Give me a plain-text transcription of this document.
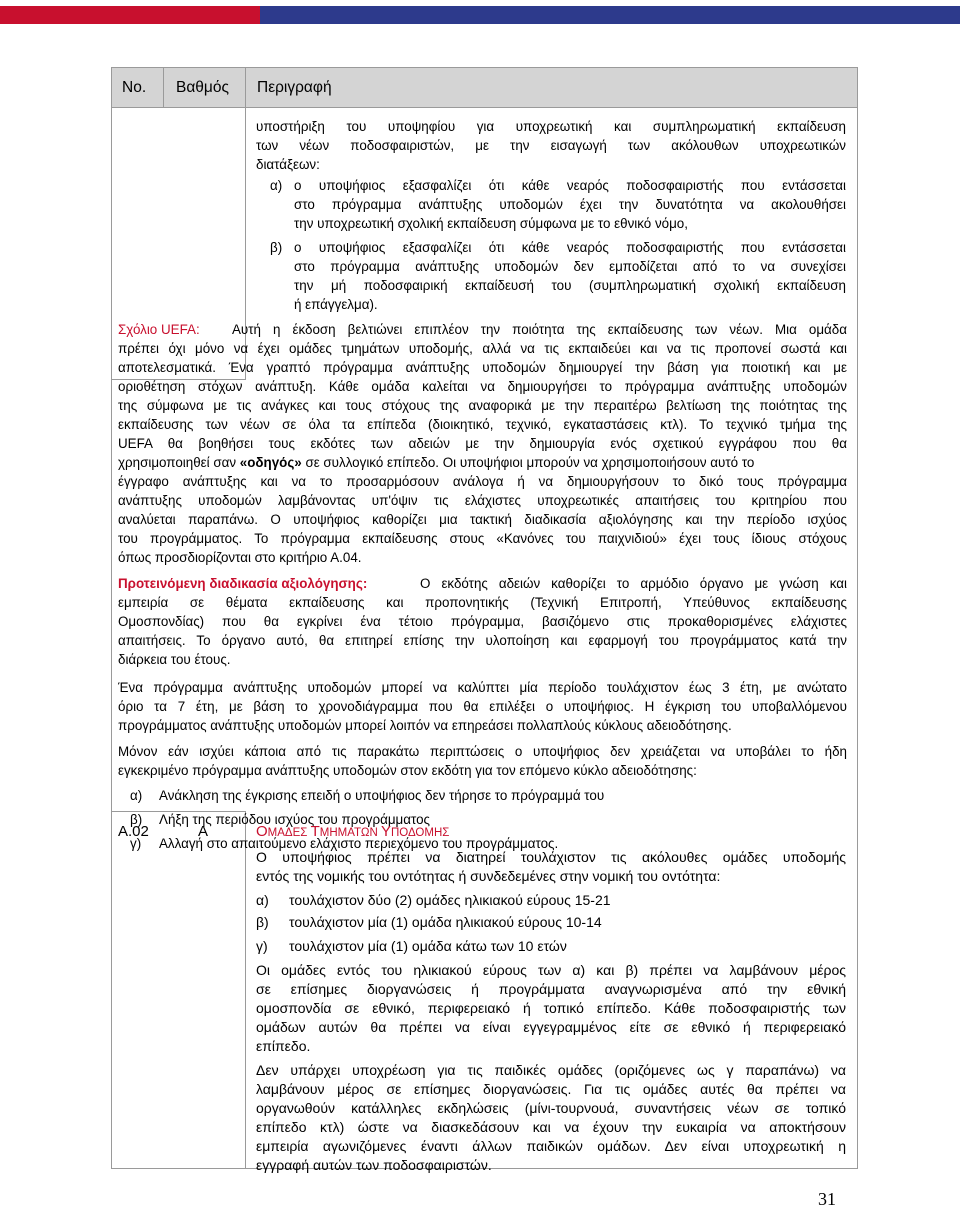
No. Βαθμός Περιγραφή
υποστήριξη του υποψηφίου για υποχρεωτική και συμπληρωματική εκπαίδευση
των νέων ποδοσφαιριστών, με την εισαγωγή των ακόλουθων υποχρεωτικών
διατάξεων:
α) ο υποψήφιος εξασφαλίζει ότι κάθε νεαρός ποδοσφαιριστής που εντάσσεται
στο πρόγραμμα ανάπτυξης υποδομών έχει την δυνατότητα να ακολουθήσει
την υποχρεωτική σχολική εκπαίδευση σύμφωνα με το εθνικό νόμο,
β) ο υποψήφιος εξασφαλίζει ότι κάθε νεαρός ποδοσφαιριστής που εντάσσεται
στο πρόγραμμα ανάπτυξης υποδομών δεν εμποδίζεται από το να συνεχίσει
την μή ποδοσφαιρική εκπαίδευσή του (συμπληρωματική σχολική εκπαίδευση
ή επάγγελμα).
Σχόλιο UEFA: Αυτή η έκδοση βελτιώνει επιπλέον την ποιότητα της εκπαίδευσης των νέων. Μια ομάδα
πρέπει όχι μόνο να έχει ομάδες τμημάτων υποδομής, αλλά να τις εκπαιδεύει και να τις προπονεί σωστά και
αποτελεσματικά. Ένα γραπτό πρόγραμμα ανάπτυξης υποδομών δημιουργεί την βάση για ποιοτική και με
οριοθέτηση στόχων ανάπτυξη. Κάθε ομάδα καλείται να δημιουργήσει το πρόγραμμα ανάπτυξης υποδομών
της σύμφωνα με τις ανάγκες και τους στόχους της αναφορικά με την περαιτέρω βελτίωση της ποιότητας της
εκπαίδευσης των νέων σε όλα τα επίπεδα (διοικητικό, τεχνικό, εγκαταστάσεις κτλ). Το τεχνικό τμήμα της
UEFA θα βοηθήσει τους εκδότες των αδειών με την δημιουργία ενός σχετικού εγγράφου που θα
χρησιμοποιηθεί σαν «οδηγός» σε συλλογικό επίπεδο. Οι υποψήφιοι μπορούν να χρησιμοποιήσουν αυτό το
έγγραφο ανάπτυξης και να το προσαρμόσουν ανάλογα ή να δημιουργήσουν το δικό τους πρόγραμμα
ανάπτυξης υποδομών λαμβάνοντας υπ'όψιν τις ελάχιστες υποχρεωτικές απαιτήσεις του κριτηρίου που
αναλύεται παραπάνω. Ο υποψήφιος καθορίζει μια τακτική διαδικασία αξιολόγησης και την περίοδο ισχύος
του προγράμματος. Το πρόγραμμα εκπαίδευσης στους «Κανόνες του παιχνιδιού» έχει τους ίδιους στόχους
όπως προσδιορίζονται στο κριτήριο Α.04.
Προτεινόμενη διαδικασία αξιολόγησης:	Ο εκδότης αδειών καθορίζει το αρμόδιο όργανο με γνώση και
εμπειρία σε θέματα εκπαίδευσης και προπονητικής (Τεχνική Επιτροπή, Υπεύθυνος εκπαίδευσης
Ομοσπονδίας) που θα εγκρίνει ένα τέτοιο πρόγραμμα, βασιζόμενο στις προκαθορισμένες ελάχιστες
απαιτήσεις. Το όργανο αυτό, θα επιτηρεί επίσης την υλοποίηση και εφαρμογή του προγράμματος κατά την
διάρκεια του έτους.
Ένα πρόγραμμα ανάπτυξης υποδομών μπορεί να καλύπτει μία περίοδο τουλάχιστον έως 3 έτη, με ανώτατο
όριο τα 7 έτη, με βάση το χρονοδιάγραμμα που θα επιλέξει ο υποψήφιος. Η έγκριση του υποβαλλόμενου
προγράμματος ανάπτυξης υποδομών μπορεί λοιπόν να επηρεάσει πολλαπλούς κύκλους αδειοδότησης.
Μόνον εάν ισχύει κάποια από τις παρακάτω περιπτώσεις ο υποψήφιος δεν χρειάζεται να υποβάλει το ήδη
εγκεκριμένο πρόγραμμα ανάπτυξης υποδομών στον εκδότη για τον επόμενο κύκλο αδειοδότησης:
α) Ανάκληση της έγκρισης επειδή ο υποψήφιος δεν τήρησε το πρόγραμμά του
β) Λήξη της περιόδου ισχύος του προγράμματος
γ) Αλλαγή στο απαιτούμενο ελάχιστο περιεχόμενο του προγράμματος.
Α.02	A	ΟΜΑΔΕΣ ΤΜΗΜΑΤΩΝ ΥΠΟΔΟΜΗΣ
Ο υποψήφιος πρέπει να διατηρεί τουλάχιστον τις ακόλουθες ομάδες υποδομής
εντός της νομικής του οντότητας ή συνδεδεμένες στην νομική του οντότητα:
α) τουλάχιστον δύο (2) ομάδες ηλικιακού εύρους 15-21
β) τουλάχιστον μία (1) ομάδα ηλικιακού εύρους 10-14
γ) τουλάχιστον μία (1) ομάδα κάτω των 10 ετών
Οι ομάδες εντός του ηλικιακού εύρους των α) και β) πρέπει να λαμβάνουν μέρος
σε επίσημες διοργανώσεις ή προγράμματα αναγνωρισμένα από την εθνική
ομοσπονδία σε εθνικό, περιφερειακό ή τοπικό επίπεδο. Κάθε ποδοσφαιριστής των
ομάδων αυτών θα πρέπει να είναι εγγεγραμμένος είτε σε εθνικό ή περιφερειακό
επίπεδο.
Δεν υπάρχει υποχρέωση για τις παιδικές ομάδες (οριζόμενες ως γ παραπάνω) να
λαμβάνουν μέρος σε επίσημες διοργανώσεις. Για τις ομάδες αυτές θα πρέπει να
οργανωθούν κατάλληλες εκδηλώσεις (μίνι-τουρνουά, συναντήσεις νέων σε τοπικό
επίπεδο κτλ) ώστε να διασκεδάσουν και να έχουν την ευκαιρία να αποκτήσουν
εμπειρία αγωνιζόμενες έναντι άλλων παιδικών ομάδων. Δεν είναι υποχρεωτική η
εγγραφή αυτών των ποδοσφαιριστών.
31
